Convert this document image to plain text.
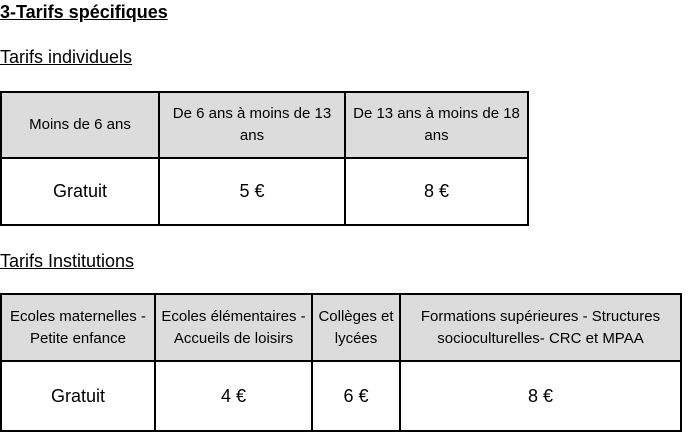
3-Tarifs spécifiques
Tarifs individuels
Moins de 6 ans	De 6 ans à moins de 13 ans	De 13 ans à moins de 18 ans
Gratuit	5 €	8 €
Tarifs Institutions
Ecoles maternelles - Petite enfance	Ecoles élémentaires - Accueils de loisirs	Collèges et lycées	Formations supérieures - Structures socioculturelles- CRC et MPAA
Gratuit	4 €	6 €	8 €
